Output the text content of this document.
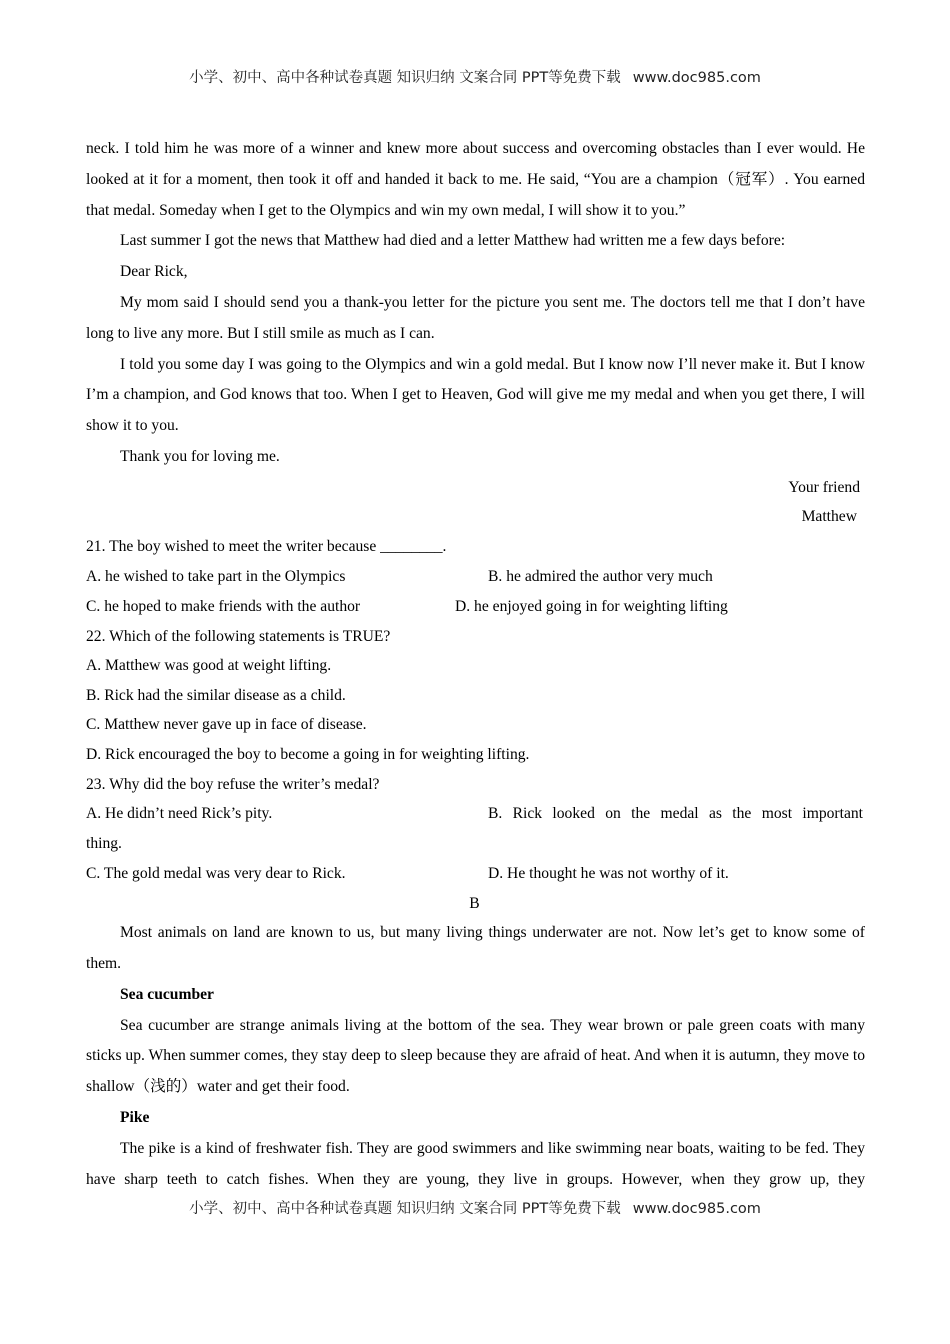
小学、初中、高中各种试卷真题 知识归纳 文案合同 PPT等免费下载 www.doc985.com

neck. I told him he was more of a winner and knew more about success and overcoming obstacles than I ever would. He looked at it for a moment, then took it off and handed it back to me. He said, “You are a champion（冠军）. You earned that medal. Someday when I get to the Olympics and win my own medal, I will show it to you.”

Last summer I got the news that Matthew had died and a letter Matthew had written me a few days before:

Dear Rick,

My mom said I should send you a thank-you letter for the picture you sent me. The doctors tell me that I don’t have long to live any more. But I still smile as much as I can.

I told you some day I was going to the Olympics and win a gold medal. But I know now I’ll never make it. But I know I’m a champion, and God knows that too. When I get to Heaven, God will give me my medal and when you get there, I will show it to you.

Thank you for loving me.

Your friend

Matthew

21. The boy wished to meet the writer because ________.

A. he wished to take part in the Olympics	B. he admired the author very much
C. he hoped to make friends with the author	D. he enjoyed going in for weighting lifting

22. Which of the following statements is TRUE?

A. Matthew was good at weight lifting.

B. Rick had the similar disease as a child.

C. Matthew never gave up in face of disease.

D. Rick encouraged the boy to become a going in for weighting lifting.

23. Why did the boy refuse the writer’s medal?

A. He didn’t need Rick’s pity.	B. Rick looked on the medal as the most important

thing.

C. The gold medal was very dear to Rick.	D. He thought he was not worthy of it.

B

Most animals on land are known to us, but many living things underwater are not. Now let’s get to know some of them.

Sea cucumber

Sea cucumber are strange animals living at the bottom of the sea. They wear brown or pale green coats with many sticks up. When summer comes, they stay deep to sleep because they are afraid of heat. And when it is autumn, they move to shallow（浅的）water and get their food.

Pike

The pike is a kind of freshwater fish. They are good swimmers and like swimming near boats, waiting to be fed. They have sharp teeth to catch fishes. When they are young, they live in groups. However, when they grow up, they

小学、初中、高中各种试卷真题 知识归纳 文案合同 PPT等免费下载 www.doc985.com
